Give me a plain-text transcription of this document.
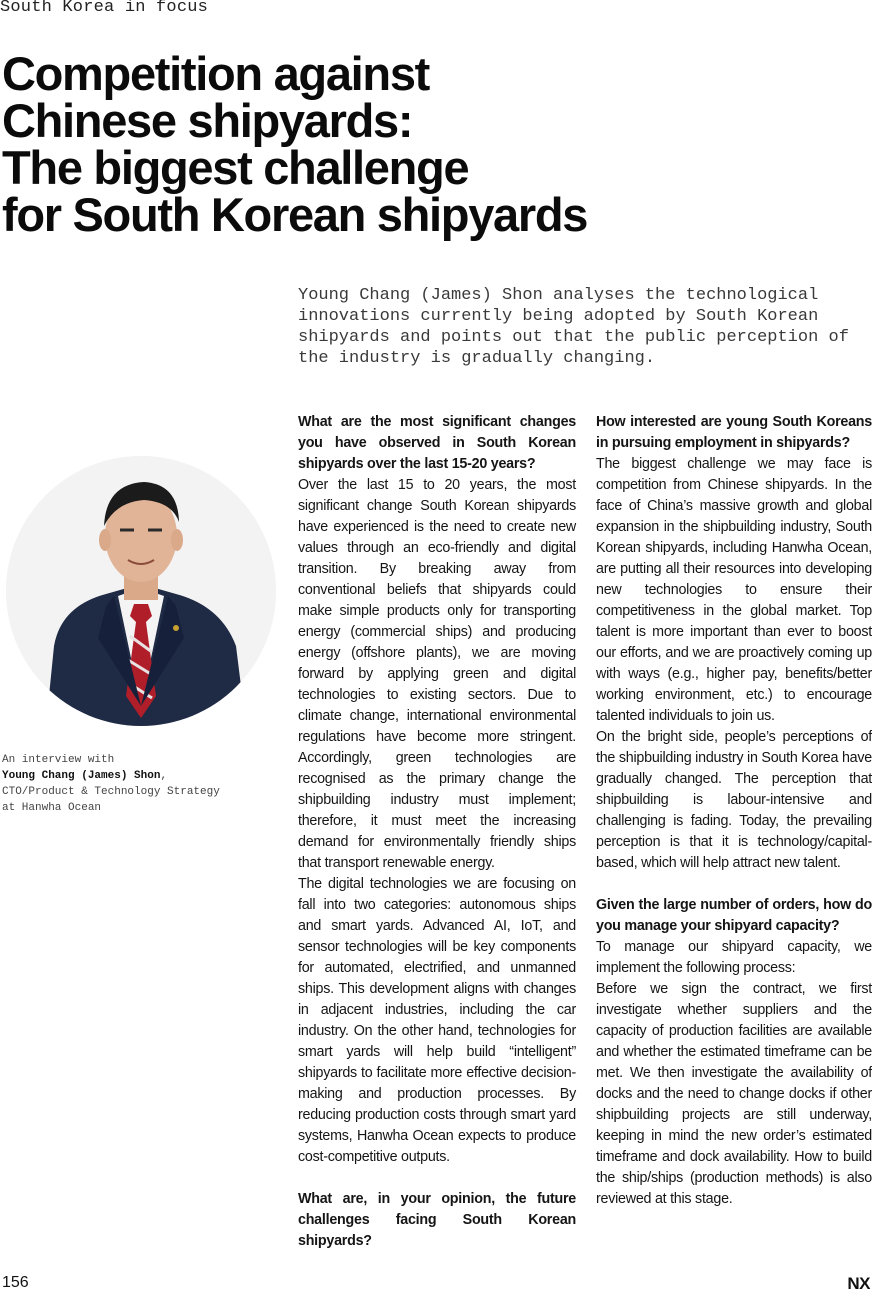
South Korea in focus
Competition against
Chinese shipyards:
The biggest challenge
for South Korean shipyards

Young Chang (James) Shon analyses the technological innovations currently being adopted by South Korean shipyards and points out that the public perception of the industry is gradually changing.

An interview with
Young Chang (James) Shon,
CTO/Product & Technology Strategy
at Hanwha Ocean

What are the most significant changes you have observed in South Korean shipyards over the last 15-20 years?

Over the last 15 to 20 years, the most significant change South Korean shipyards have experienced is the need to create new values through an eco-friendly and digital transition. By breaking away from conventional beliefs that shipyards could make simple products only for transporting energy (commercial ships) and producing energy (offshore plants), we are moving forward by applying green and digital technologies to existing sectors. Due to climate change, international environmental regulations have become more stringent. Accordingly, green technologies are recognised as the primary change the shipbuilding industry must implement; therefore, it must meet the increasing demand for environmentally friendly ships that transport renewable energy.

The digital technologies we are focusing on fall into two categories: autonomous ships and smart yards. Advanced AI, IoT, and sensor technologies will be key components for automated, electrified, and unmanned ships. This development aligns with changes in adjacent industries, including the car industry. On the other hand, technologies for smart yards will help build “intelligent” shipyards to facilitate more effective decision-making and production processes. By reducing production costs through smart yard systems, Hanwha Ocean expects to produce cost-competitive outputs.

What are, in your opinion, the future challenges facing South Korean shipyards?

How interested are young South Koreans in pursuing employment in shipyards?

The biggest challenge we may face is competition from Chinese shipyards. In the face of China’s massive growth and global expansion in the shipbuilding industry, South Korean shipyards, including Hanwha Ocean, are putting all their resources into developing new technologies to ensure their competitiveness in the global market. Top talent is more important than ever to boost our efforts, and we are proactively coming up with ways (e.g., higher pay, benefits/better working environment, etc.) to encourage talented individuals to join us.

On the bright side, people’s perceptions of the shipbuilding industry in South Korea have gradually changed. The perception that shipbuilding is labour-intensive and challenging is fading. Today, the prevailing perception is that it is technology/capital-based, which will help attract new talent.

Given the large number of orders, how do you manage your shipyard capacity?

To manage our shipyard capacity, we implement the following process:

Before we sign the contract, we first investigate whether suppliers and the capacity of production facilities are available and whether the estimated timeframe can be met. We then investigate the availability of docks and the need to change docks if other shipbuilding projects are still underway, keeping in mind the new order’s estimated timeframe and dock availability. How to build the ship/ships (production methods) is also reviewed at this stage.

156	NX
